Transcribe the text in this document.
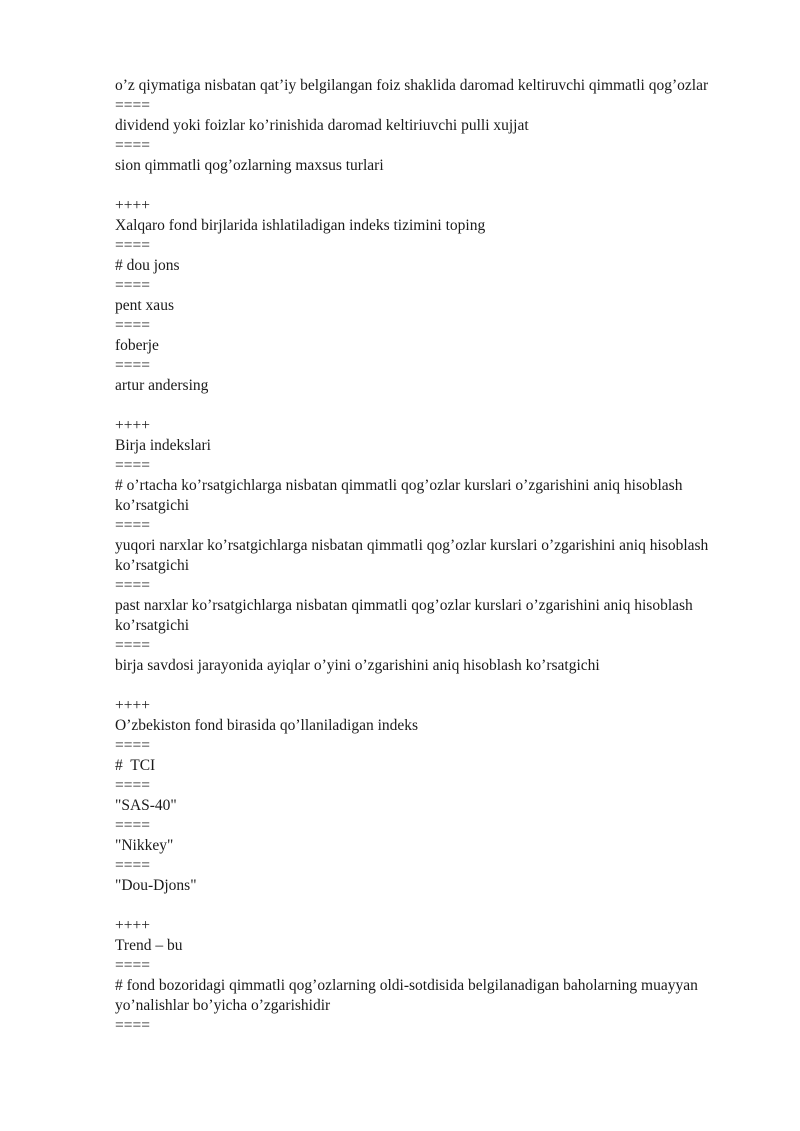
o’z qiymatiga nisbatan qat’iy belgilangan foiz shaklida daromad keltiruvchi qimmatli qog’ozlar
====
dividend yoki foizlar ko’rinishida daromad keltiriuvchi pulli xujjat
====
sion qimmatli qog’ozlarning maxsus turlari
++++
Xalqaro fond birjlarida ishlatiladigan indeks tizimini toping
====
# dou jons
====
pent xaus
====
foberje
====
artur andersing
++++
Birja indekslari
====
# o’rtacha ko’rsatgichlarga nisbatan qimmatli qog’ozlar kurslari o’zgarishini aniq hisoblash ko’rsatgichi
====
yuqori narxlar ko’rsatgichlarga nisbatan qimmatli qog’ozlar kurslari o’zgarishini aniq hisoblash ko’rsatgichi
====
past narxlar ko’rsatgichlarga nisbatan qimmatli qog’ozlar kurslari o’zgarishini aniq hisoblash ko’rsatgichi
====
birja savdosi jarayonida ayiqlar o’yini o’zgarishini aniq hisoblash ko’rsatgichi
++++
O’zbekiston fond birasida qo’llaniladigan indeks
====
#  TCI
====
"SAS-40"
====
"Nikkey"
====
"Dou-Djons"
++++
Trend – bu
====
# fond bozoridagi qimmatli qog’ozlarning oldi-sotdisida belgilanadigan baholarning muayyan yo’nalishlar bo’yicha o’zgarishidir
====
